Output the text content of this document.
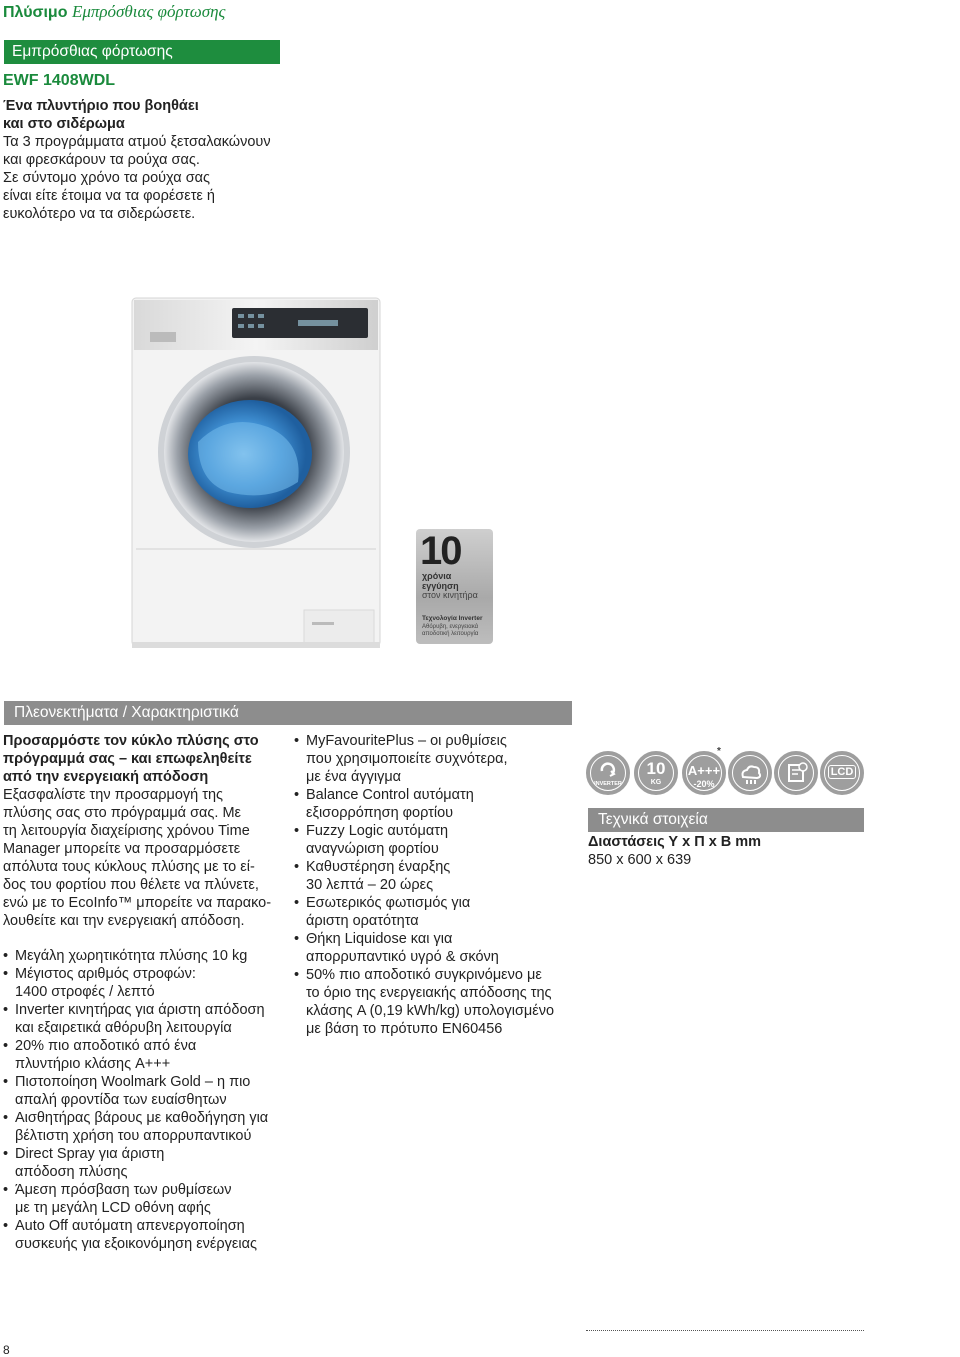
Πλύσιμο Εμπρόσθιας φόρτωσης
Εμπρόσθιας φόρτωσης
EWF 1408WDL
Ένα πλυντήριο που βοηθάει
και στο σιδέρωμα
Τα 3 προγράμματα ατμού ξετσαλακώνουν
και φρεσκάρουν τα ρούχα σας.
Σε σύντομο χρόνο τα ρούχα σας
είναι είτε έτοιμα να τα φορέσετε ή
ευκολότερο να τα σιδερώσετε.
10
χρόνια
εγγύηση
στον κινητήρα
Τεχνολογία Inverter
Αθόρυβη, ενεργειακά
αποδοτική λειτουργία
Πλεονεκτήματα / Χαρακτηριστικά
Προσαρμόστε τον κύκλο πλύσης στο
πρόγραμμά σας – και επωφεληθείτε
από την ενεργειακή απόδοση
Εξασφαλίστε την προσαρμογή της
πλύσης σας στο πρόγραμμά σας. Με
τη λειτουργία διαχείρισης χρόνου Time
Manager μπορείτε να προσαρμόσετε
απόλυτα τους κύκλους πλύσης με το εί-
δος του φορτίου που θέλετε να πλύνετε,
ενώ με το EcoInfo™ μπορείτε να παρακο-
λουθείτε και την ενεργειακή απόδοση.
• Μεγάλη χωρητικότητα πλύσης 10 kg
• Μέγιστος αριθμός στροφών:
1400 στροφές / λεπτό
• Inverter κινητήρας για άριστη απόδοση
και εξαιρετικά αθόρυβη λειτουργία
• 20% πιο αποδοτικό από ένα
πλυντήριο κλάσης A+++
• Πιστοποίηση Woolmark Gold – η πιο
απαλή φροντίδα των ευαίσθητων
• Αισθητήρας βάρους με καθοδήγηση για
βέλτιστη χρήση του απορρυπαντικού
• Direct Spray για άριστη
απόδοση πλύσης
• Άμεση πρόσβαση των ρυθμίσεων
με τη μεγάλη LCD οθόνη αφής
• Auto Off αυτόματη απενεργοποίηση
συσκευής για εξοικονόμηση ενέργειας
• MyFavouritePlus – οι ρυθμίσεις
που χρησιμοποιείτε συχνότερα,
με ένα άγγιγμα
• Balance Control αυτόματη
εξισορρόπηση φορτίου
• Fuzzy Logic αυτόματη
αναγνώριση φορτίου
• Καθυστέρηση έναρξης
30 λεπτά – 20 ώρες
• Εσωτερικός φωτισμός για
άριστη ορατότητα
• Θήκη Liquidose και για
απορρυπαντικό υγρό & σκόνη
• 50% πιο αποδοτικό συγκρινόμενο με
το όριο της ενεργειακής απόδοσης της
κλάσης A (0,19 kWh/kg) υπολογισμένο
με βάση το πρότυπο EN60456
INVERTER
10
KG
A+++
-20%
*
LCD
Τεχνικά στοιχεία
Διαστάσεις Υ x Π x Β mm
850 x 600 x 639
8
